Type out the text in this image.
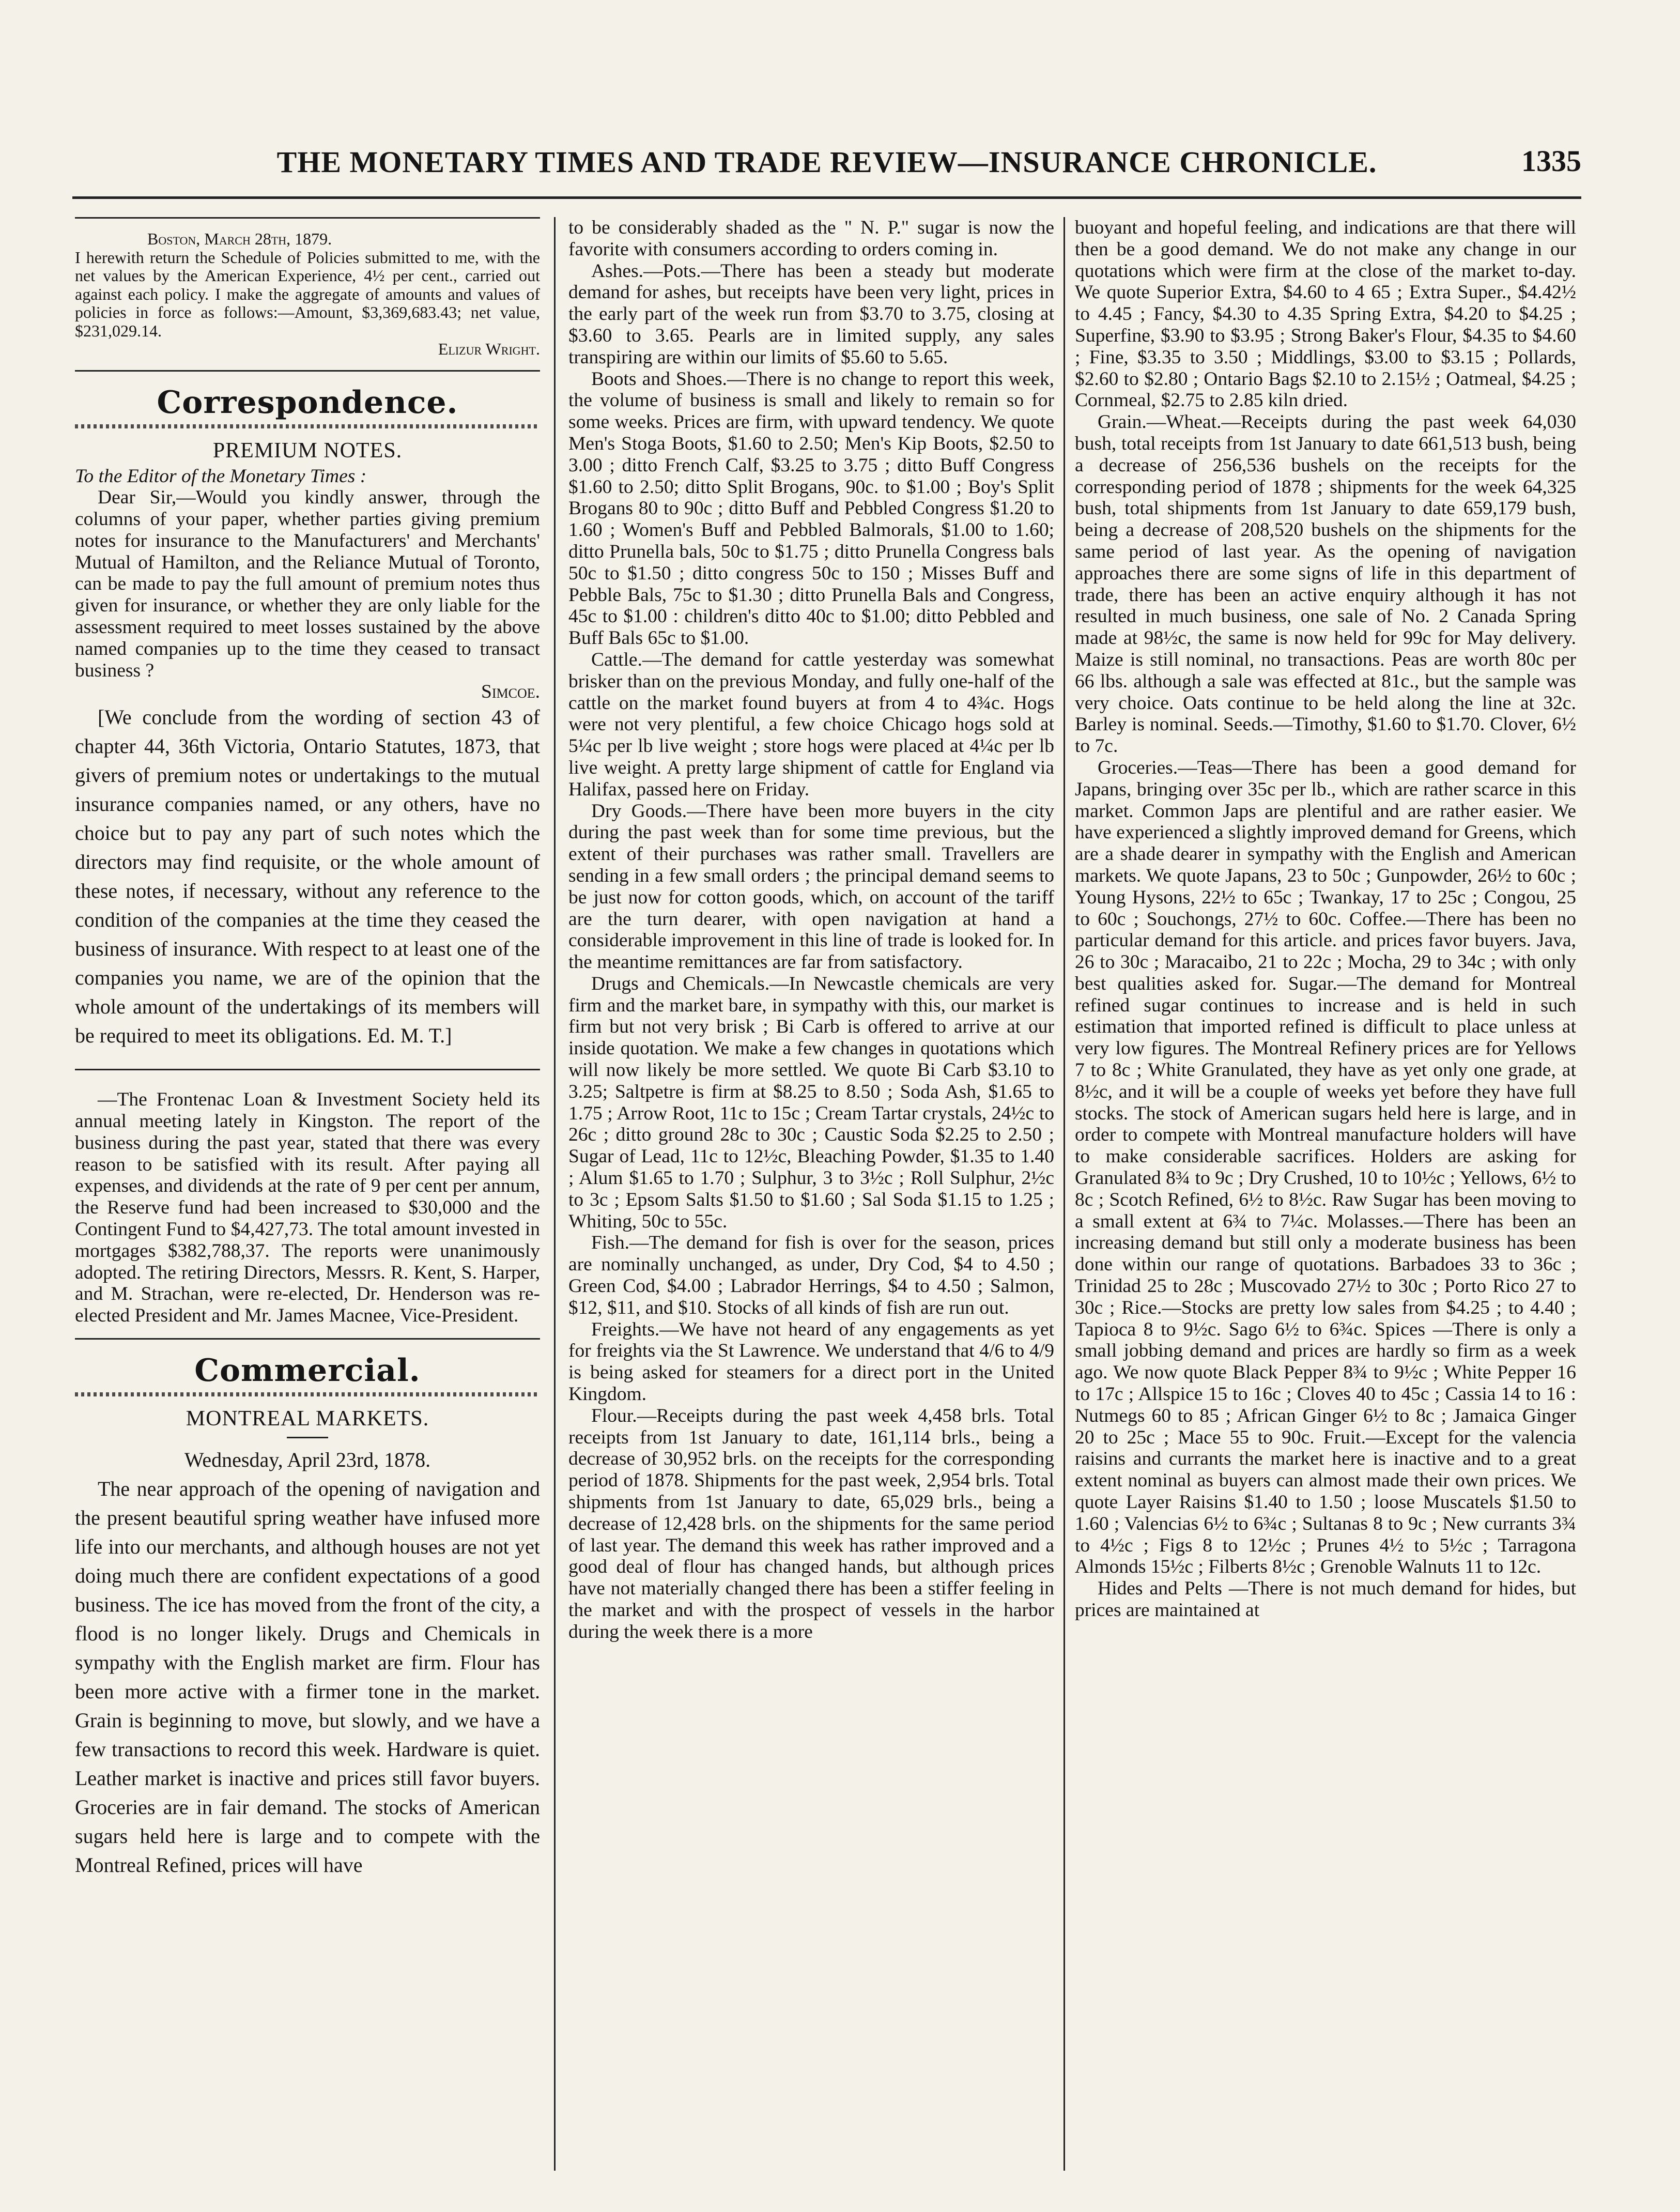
THE MONETARY TIMES AND TRADE REVIEW—INSURANCE CHRONICLE.	1335

Boston, March 28th, 1879.

I herewith return the Schedule of Policies submitted to me, with the net values by the American Experience, 4½ per cent., carried out against each policy. I make the aggregate of amounts and values of policies in force as follows:—Amount, $3,369,683.43; net value, $231,029.14.

Elizur Wright.

Correspondence.
PREMIUM NOTES.

To the Editor of the Monetary Times :

Dear Sir,—Would you kindly answer, through the columns of your paper, whether parties giving premium notes for insurance to the Manufacturers' and Merchants' Mutual of Hamilton, and the Reliance Mutual of Toronto, can be made to pay the full amount of premium notes thus given for insurance, or whether they are only liable for the assessment required to meet losses sustained by the above named companies up to the time they ceased to transact business ?

Simcoe.

[We conclude from the wording of section 43 of chapter 44, 36th Victoria, Ontario Statutes, 1873, that givers of premium notes or undertakings to the mutual insurance companies named, or any others, have no choice but to pay any part of such notes which the directors may find requisite, or the whole amount of these notes, if necessary, without any reference to the condition of the companies at the time they ceased the business of insurance. With respect to at least one of the companies you name, we are of the opinion that the whole amount of the undertakings of its members will be required to meet its obligations. Ed. M. T.]

—The Frontenac Loan & Investment Society held its annual meeting lately in Kingston. The report of the business during the past year, stated that there was every reason to be satisfied with its result. After paying all expenses, and dividends at the rate of 9 per cent per annum, the Reserve fund had been increased to $30,000 and the Contingent Fund to $4,427,73. The total amount invested in mortgages $382,788,37. The reports were unanimously adopted. The retiring Directors, Messrs. R. Kent, S. Harper, and M. Strachan, were re-elected, Dr. Henderson was re-elected President and Mr. James Macnee, Vice-President.

Commercial.
MONTREAL MARKETS.

Wednesday, April 23rd, 1878.

The near approach of the opening of navigation and the present beautiful spring weather have infused more life into our merchants, and although houses are not yet doing much there are confident expectations of a good business. The ice has moved from the front of the city, a flood is no longer likely. Drugs and Chemicals in sympathy with the English market are firm. Flour has been more active with a firmer tone in the market. Grain is beginning to move, but slowly, and we have a few transactions to record this week. Hardware is quiet. Leather market is inactive and prices still favor buyers. Groceries are in fair demand. The stocks of American sugars held here is large and to compete with the Montreal Refined, prices will have

to be considerably shaded as the " N. P." sugar is now the favorite with consumers according to orders coming in.

Ashes.—Pots.—There has been a steady but moderate demand for ashes, but receipts have been very light, prices in the early part of the week run from $3.70 to 3.75, closing at $3.60 to 3.65. Pearls are in limited supply, any sales transpiring are within our limits of $5.60 to 5.65.

Boots and Shoes.—There is no change to report this week, the volume of business is small and likely to remain so for some weeks. Prices are firm, with upward tendency. We quote Men's Stoga Boots, $1.60 to 2.50; Men's Kip Boots, $2.50 to 3.00 ; ditto French Calf, $3.25 to 3.75 ; ditto Buff Congress $1.60 to 2.50; ditto Split Brogans, 90c. to $1.00 ; Boy's Split Brogans 80 to 90c ; ditto Buff and Pebbled Congress $1.20 to 1.60 ; Women's Buff and Pebbled Balmorals, $1.00 to 1.60; ditto Prunella bals, 50c to $1.75 ; ditto Prunella Congress bals 50c to $1.50 ; ditto congress 50c to 150 ; Misses Buff and Pebble Bals, 75c to $1.30 ; ditto Prunella Bals and Congress, 45c to $1.00 : children's ditto 40c to $1.00; ditto Pebbled and Buff Bals 65c to $1.00.

Cattle.—The demand for cattle yesterday was somewhat brisker than on the previous Monday, and fully one-half of the cattle on the market found buyers at from 4 to 4¾c. Hogs were not very plentiful, a few choice Chicago hogs sold at 5¼c per lb live weight ; store hogs were placed at 4¼c per lb live weight. A pretty large shipment of cattle for England via Halifax, passed here on Friday.

Dry Goods.—There have been more buyers in the city during the past week than for some time previous, but the extent of their purchases was rather small. Travellers are sending in a few small orders ; the principal demand seems to be just now for cotton goods, which, on account of the tariff are the turn dearer, with open navigation at hand a considerable improvement in this line of trade is looked for. In the meantime remittances are far from satisfactory.

Drugs and Chemicals.—In Newcastle chemicals are very firm and the market bare, in sympathy with this, our market is firm but not very brisk ; Bi Carb is offered to arrive at our inside quotation. We make a few changes in quotations which will now likely be more settled. We quote Bi Carb $3.10 to 3.25; Saltpetre is firm at $8.25 to 8.50 ; Soda Ash, $1.65 to 1.75 ; Arrow Root, 11c to 15c ; Cream Tartar crystals, 24½c to 26c ; ditto ground 28c to 30c ; Caustic Soda $2.25 to 2.50 ; Sugar of Lead, 11c to 12½c, Bleaching Powder, $1.35 to 1.40 ; Alum $1.65 to 1.70 ; Sulphur, 3 to 3½c ; Roll Sulphur, 2½c to 3c ; Epsom Salts $1.50 to $1.60 ; Sal Soda $1.15 to 1.25 ; Whiting, 50c to 55c.

Fish.—The demand for fish is over for the season, prices are nominally unchanged, as under, Dry Cod, $4 to 4.50 ; Green Cod, $4.00 ; Labrador Herrings, $4 to 4.50 ; Salmon, $12, $11, and $10. Stocks of all kinds of fish are run out.

Freights.—We have not heard of any engagements as yet for freights via the St Lawrence. We understand that 4/6 to 4/9 is being asked for steamers for a direct port in the United Kingdom.

Flour.—Receipts during the past week 4,458 brls. Total receipts from 1st January to date, 161,114 brls., being a decrease of 30,952 brls. on the receipts for the corresponding period of 1878. Shipments for the past week, 2,954 brls. Total shipments from 1st January to date, 65,029 brls., being a decrease of 12,428 brls. on the shipments for the same period of last year. The demand this week has rather improved and a good deal of flour has changed hands, but although prices have not materially changed there has been a stiffer feeling in the market and with the prospect of vessels in the harbor during the week there is a more

buoyant and hopeful feeling, and indications are that there will then be a good demand. We do not make any change in our quotations which were firm at the close of the market to-day. We quote Superior Extra, $4.60 to 4 65 ; Extra Super., $4.42½ to 4.45 ; Fancy, $4.30 to 4.35 Spring Extra, $4.20 to $4.25 ; Superfine, $3.90 to $3.95 ; Strong Baker's Flour, $4.35 to $4.60 ; Fine, $3.35 to 3.50 ; Middlings, $3.00 to $3.15 ; Pollards, $2.60 to $2.80 ; Ontario Bags $2.10 to 2.15½ ; Oatmeal, $4.25 ; Cornmeal, $2.75 to 2.85 kiln dried.

Grain.—Wheat.—Receipts during the past week 64,030 bush, total receipts from 1st January to date 661,513 bush, being a decrease of 256,536 bushels on the receipts for the corresponding period of 1878 ; shipments for the week 64,325 bush, total shipments from 1st January to date 659,179 bush, being a decrease of 208,520 bushels on the shipments for the same period of last year. As the opening of navigation approaches there are some signs of life in this department of trade, there has been an active enquiry although it has not resulted in much business, one sale of No. 2 Canada Spring made at 98½c, the same is now held for 99c for May delivery. Maize is still nominal, no transactions. Peas are worth 80c per 66 lbs. although a sale was effected at 81c., but the sample was very choice. Oats continue to be held along the line at 32c. Barley is nominal. Seeds.—Timothy, $1.60 to $1.70. Clover, 6½ to 7c.

Groceries.—Teas—There has been a good demand for Japans, bringing over 35c per lb., which are rather scarce in this market. Common Japs are plentiful and are rather easier. We have experienced a slightly improved demand for Greens, which are a shade dearer in sympathy with the English and American markets. We quote Japans, 23 to 50c ; Gunpowder, 26½ to 60c ; Young Hysons, 22½ to 65c ; Twankay, 17 to 25c ; Congou, 25 to 60c ; Souchongs, 27½ to 60c. Coffee.—There has been no particular demand for this article. and prices favor buyers. Java, 26 to 30c ; Maracaibo, 21 to 22c ; Mocha, 29 to 34c ; with only best qualities asked for. Sugar.—The demand for Montreal refined sugar continues to increase and is held in such estimation that imported refined is difficult to place unless at very low figures. The Montreal Refinery prices are for Yellows 7 to 8c ; White Granulated, they have as yet only one grade, at 8½c, and it will be a couple of weeks yet before they have full stocks. The stock of American sugars held here is large, and in order to compete with Montreal manufacture holders will have to make considerable sacrifices. Holders are asking for Granulated 8¾ to 9c ; Dry Crushed, 10 to 10½c ; Yellows, 6½ to 8c ; Scotch Refined, 6½ to 8½c. Raw Sugar has been moving to a small extent at 6¾ to 7¼c. Molasses.—There has been an increasing demand but still only a moderate business has been done within our range of quotations. Barbadoes 33 to 36c ; Trinidad 25 to 28c ; Muscovado 27½ to 30c ; Porto Rico 27 to 30c ; Rice.—Stocks are pretty low sales from $4.25 ; to 4.40 ; Tapioca 8 to 9½c. Sago 6½ to 6¾c. Spices —There is only a small jobbing demand and prices are hardly so firm as a week ago. We now quote Black Pepper 8¾ to 9½c ; White Pepper 16 to 17c ; Allspice 15 to 16c ; Cloves 40 to 45c ; Cassia 14 to 16 : Nutmegs 60 to 85 ; African Ginger 6½ to 8c ; Jamaica Ginger 20 to 25c ; Mace 55 to 90c. Fruit.—Except for the valencia raisins and currants the market here is inactive and to a great extent nominal as buyers can almost made their own prices. We quote Layer Raisins $1.40 to 1.50 ; loose Muscatels $1.50 to 1.60 ; Valencias 6½ to 6¾c ; Sultanas 8 to 9c ; New currants 3¾ to 4½c ; Figs 8 to 12½c ; Prunes 4½ to 5½c ; Tarragona Almonds 15½c ; Filberts 8½c ; Grenoble Walnuts 11 to 12c.

Hides and Pelts —There is not much demand for hides, but prices are maintained at
